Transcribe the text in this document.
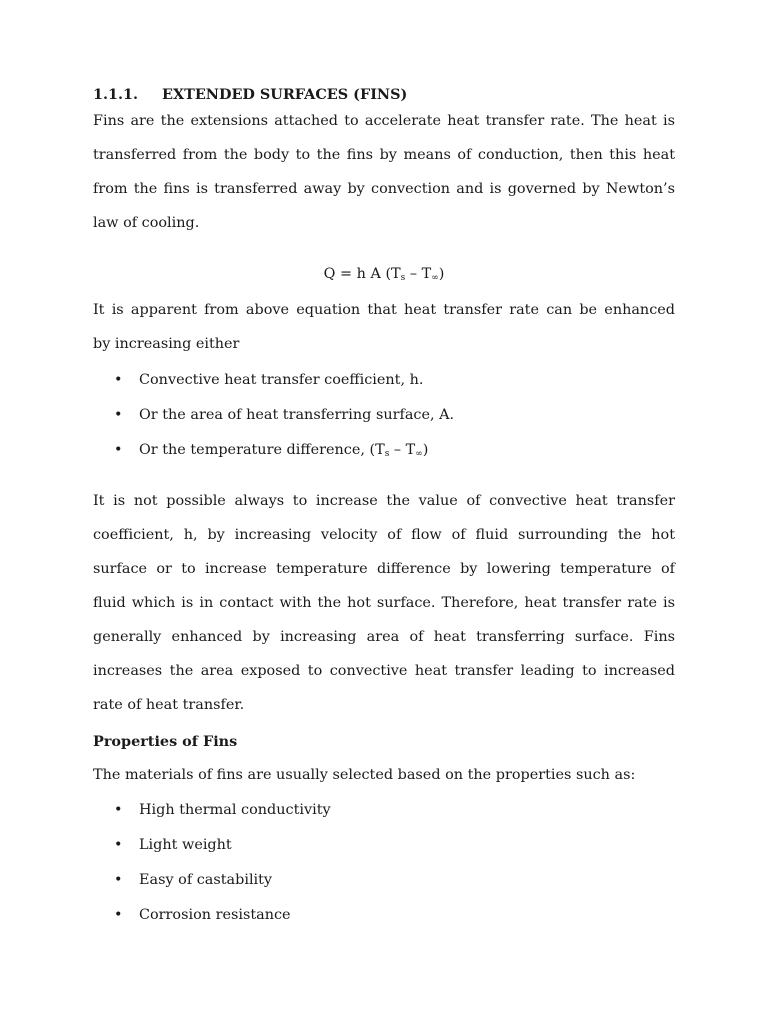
1.1.1. EXTENDED SURFACES (FINS)

Fins are the extensions attached to accelerate heat transfer rate. The heat is
transferred from the body to the fins by means of conduction, then this heat
from the fins is transferred away by convection and is governed by Newton’s
law of cooling.

Q = h A $(T_s - T_\infty)$

It is apparent from above equation that heat transfer rate can be enhanced
by increasing either

• Convective heat transfer coefficient, h.
• Or the area of heat transferring surface, A.
• Or the temperature difference, $(T_s - T_\infty)$

It is not possible always to increase the value of convective heat transfer
coefficient, h, by increasing velocity of flow of fluid surrounding the hot
surface or to increase temperature difference by lowering temperature of
fluid which is in contact with the hot surface. Therefore, heat transfer rate is
generally enhanced by increasing area of heat transferring surface. Fins
increases the area exposed to convective heat transfer leading to increased
rate of heat transfer.

Properties of Fins

The materials of fins are usually selected based on the properties such as:

• High thermal conductivity
• Light weight
• Easy of castability
• Corrosion resistance
